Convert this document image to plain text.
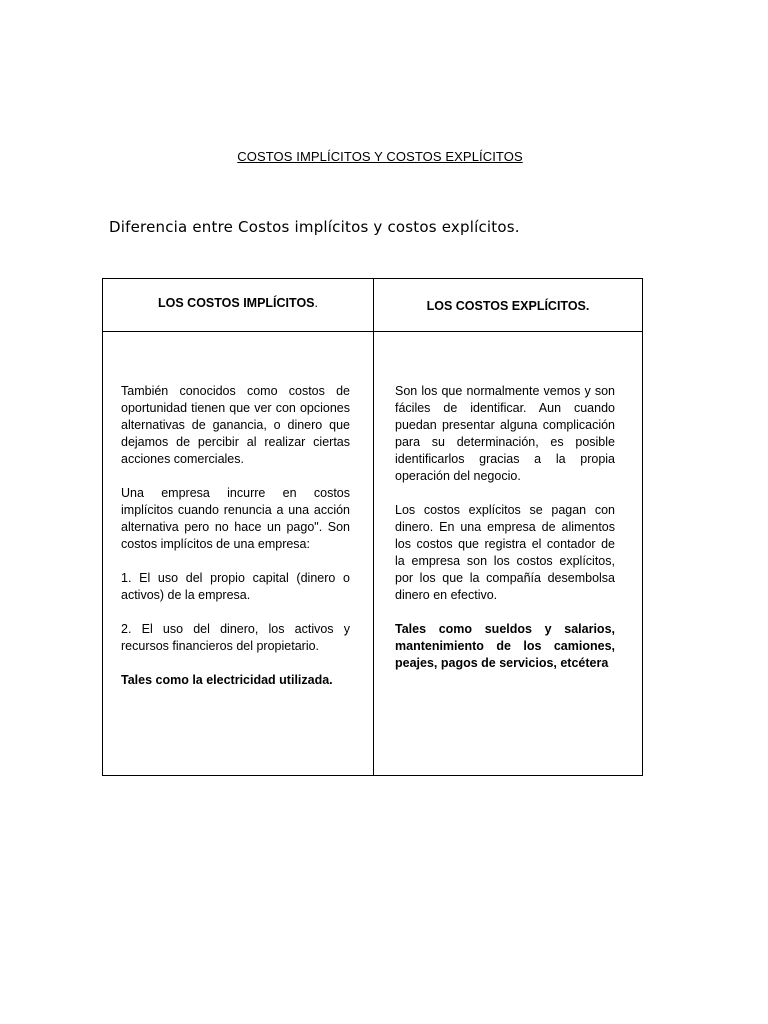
COSTOS IMPLÍCITOS Y COSTOS EXPLÍCITOS
Diferencia entre Costos implícitos y costos explícitos.
LOS COSTOS IMPLÍCITOS.	LOS COSTOS EXPLÍCITOS.

También conocidos como costos de oportunidad tienen que ver con opciones alternativas de ganancia, o dinero que dejamos de percibir al realizar ciertas acciones comerciales.

Una empresa incurre en costos implícitos cuando renuncia a una acción alternativa pero no hace un pago". Son costos implícitos de una empresa:

1. El uso del propio capital (dinero o activos) de la empresa.

2. El uso del dinero, los activos y recursos financieros del propietario.

Tales como la electricidad utilizada.

Son los que normalmente vemos y son fáciles de identificar. Aun cuando puedan presentar alguna complicación para su determinación, es posible identificarlos gracias a la propia operación del negocio.

Los costos explícitos se pagan con dinero. En una empresa de alimentos los costos que registra el contador de la empresa son los costos explícitos, por los que la compañía desembolsa dinero en efectivo.

Tales como sueldos y salarios, mantenimiento de los camiones, peajes, pagos de servicios, etcétera
